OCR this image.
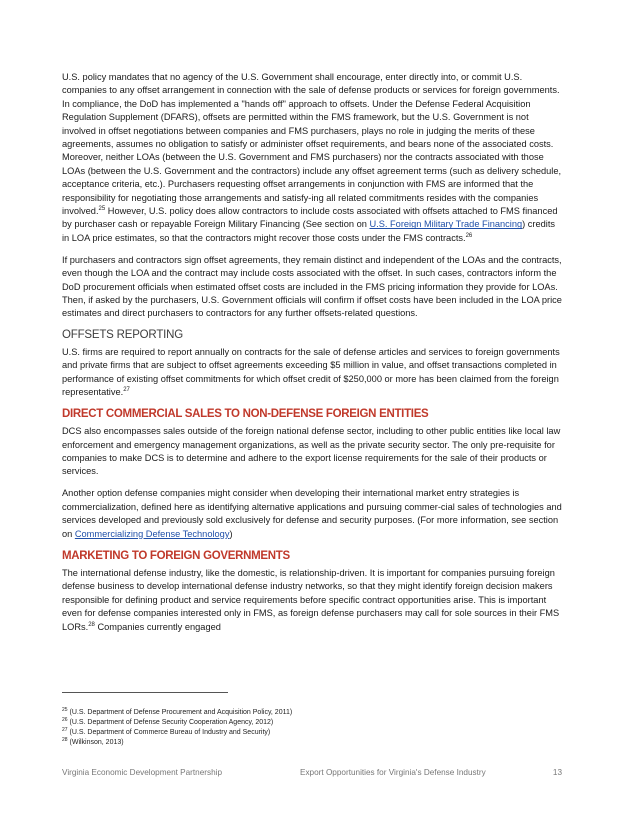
U.S. policy mandates that no agency of the U.S. Government shall encourage, enter directly into, or commit U.S. companies to any offset arrangement in connection with the sale of defense products or services for foreign governments. In compliance, the DoD has implemented a "hands off" approach to offsets. Under the Defense Federal Acquisition Regulation Supplement (DFARS), offsets are permitted within the FMS framework, but the U.S. Government is not involved in offset negotiations between companies and FMS purchasers, plays no role in judging the merits of these agreements, assumes no obligation to satisfy or administer offset requirements, and bears none of the associated costs. Moreover, neither LOAs (between the U.S. Government and FMS purchasers) nor the contracts associated with those LOAs (between the U.S. Government and the contractors) include any offset agreement terms (such as delivery schedule, acceptance criteria, etc.). Purchasers requesting offset arrangements in conjunction with FMS are informed that the responsibility for negotiating those arrangements and satisfy-ing all related commitments resides with the companies involved.$^{25}$ However, U.S. policy does allow contractors to include costs associated with offsets attached to FMS financed by purchaser cash or repayable Foreign Military Financing (See section on U.S. Foreign Military Trade Financing) credits in LOA price estimates, so that the contractors might recover those costs under the FMS contracts.$^{26}$

If purchasers and contractors sign offset agreements, they remain distinct and independent of the LOAs and the contracts, even though the LOA and the contract may include costs associated with the offset. In such cases, contractors inform the DoD procurement officials when estimated offset costs are included in the FMS pricing information they provide for LOAs. Then, if asked by the purchasers, U.S. Government officials will confirm if offset costs have been included in the LOA price estimates and direct purchasers to contractors for any further offsets-related questions.

OFFSETS REPORTING

U.S. firms are required to report annually on contracts for the sale of defense articles and services to foreign governments and private firms that are subject to offset agreements exceeding $5 million in value, and offset transactions completed in performance of existing offset commitments for which offset credit of $250,000 or more has been claimed from the foreign representative.$^{27}$

DIRECT COMMERCIAL SALES TO NON-DEFENSE FOREIGN ENTITIES

DCS also encompasses sales outside of the foreign national defense sector, including to other public entities like local law enforcement and emergency management organizations, as well as the private security sector. The only pre-requisite for companies to make DCS is to determine and adhere to the export license requirements for the sale of their products or services.

Another option defense companies might consider when developing their international market entry strategies is commercialization, defined here as identifying alternative applications and pursuing commer-cial sales of technologies and services developed and previously sold exclusively for defense and security purposes. (For more information, see section on Commercializing Defense Technology)

MARKETING TO FOREIGN GOVERNMENTS

The international defense industry, like the domestic, is relationship-driven. It is important for companies pursuing foreign defense business to develop international defense industry networks, so that they might identify foreign decision makers responsible for defining product and service requirements before specific contract opportunities arise. This is important even for defense companies interested only in FMS, as foreign defense purchasers may call for sole sources in their FMS LORs.$^{28}$ Companies currently engaged

$^{25}$ (U.S. Department of Defense Procurement and Acquisition Policy, 2011)
$^{26}$ (U.S. Department of Defense Security Cooperation Agency, 2012)
$^{27}$ (U.S. Department of Commerce Bureau of Industry and Security)
$^{28}$ (Wilkinson, 2013)
Virginia Economic Development Partnership	Export Opportunities for Virginia's Defense Industry	13
